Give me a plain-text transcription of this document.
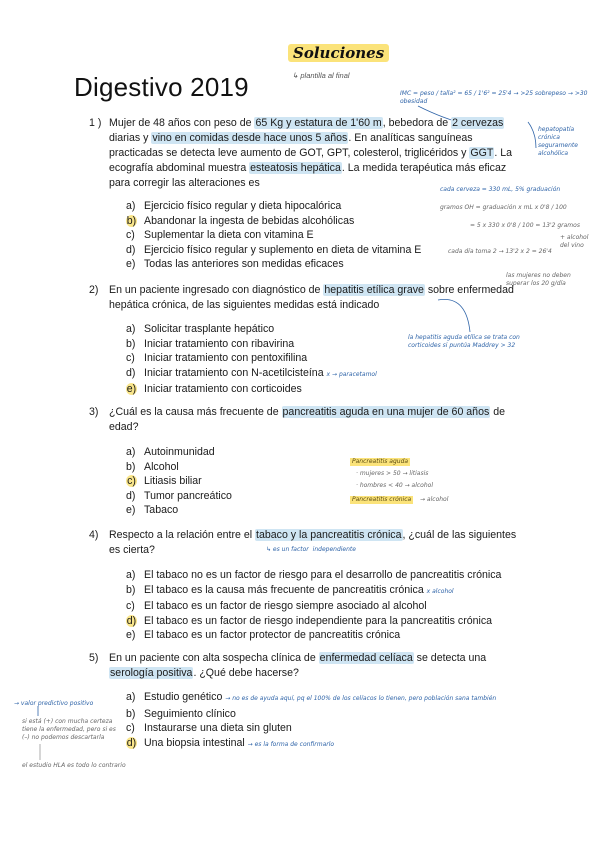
Soluciones
↳ plantilla al final
Digestivo 2019
1 ) Mujer de 48 años con peso de 65 Kg y estatura de 1'60 m, bebedora de 2 cervezas diarias y vino en comidas desde hace unos 5 años. En analíticas sanguíneas practicadas se detecta leve aumento de GOT, GPT, colesterol, triglicéridos y GGT. La ecografía abdominal muestra esteatosis hepática. La medida terapéutica más eficaz para corregir las alteraciones es
a) Ejercicio físico regular y dieta hipocalórica
b) Abandonar la ingesta de bebidas alcohólicas
c) Suplementar la dieta con vitamina E
d) Ejercicio físico regular y suplemento en dieta de vitamina E
e) Todas las anteriores son medidas eficaces
2) En un paciente ingresado con diagnóstico de hepatitis etílica grave sobre enfermedad hepática crónica, de las siguientes medidas está indicado
a) Solicitar trasplante hepático
b) Iniciar tratamiento con ribavirina
c) Iniciar tratamiento con pentoxifilina
d) Iniciar tratamiento con N-acetilcisteína x → paracetamol
e) Iniciar tratamiento con corticoides
3) ¿Cuál es la causa más frecuente de pancreatitis aguda en una mujer de 60 años de edad?
a) Autoinmunidad
b) Alcohol
c) Litiasis biliar
d) Tumor pancreático
e) Tabaco
4) Respecto a la relación entre el tabaco y la pancreatitis crónica, ¿cuál de las siguientes es cierta?
a) El tabaco no es un factor de riesgo para el desarrollo de pancreatitis crónica
b) El tabaco es la causa más frecuente de pancreatitis crónica x alcohol
c) El tabaco es un factor de riesgo siempre asociado al alcohol
d) El tabaco es un factor de riesgo independiente para la pancreatitis crónica
e) El tabaco es un factor protector de pancreatitis crónica
5) En un paciente con alta sospecha clínica de enfermedad celíaca se detecta una serología positiva. ¿Qué debe hacerse?
a) Estudio genético → no es de ayuda aquí, pq el 100% de los celíacos lo tienen, pero población sana también
b) Seguimiento clínico
c) Instaurarse una dieta sin gluten
d) Una biopsia intestinal → es la forma de confirmarlo
IMC = peso / talla² = 65 / 1'6² = 25'4 → >25 sobrepeso → >30 obesidad
hepatopatía crónica seguramente alcohólica
cada cerveza = 330 mL, 5% graduación
gramos OH = graduación x mL x 0'8 / 100
= 5 x 330 x 0'8 / 100 = 13'2 gramos
cada día toma 2 → 13'2 x 2 = 26'4
+ alcohol del vino
las mujeres no deben superar los 20 g/día
la hepatitis aguda etílica se trata con corticoides si puntúa Maddrey > 32
Pancreatitis aguda
· mujeres > 50 → litiasis
· hombres < 40 → alcohol
Pancreatitis crónica	→ alcohol
↳ es un factor independiente
→ valor predictivo positivo
si está (+) con mucha certeza tiene la enfermedad, pero si es (–) no podemos descartarla
el estudio HLA es todo lo contrario
